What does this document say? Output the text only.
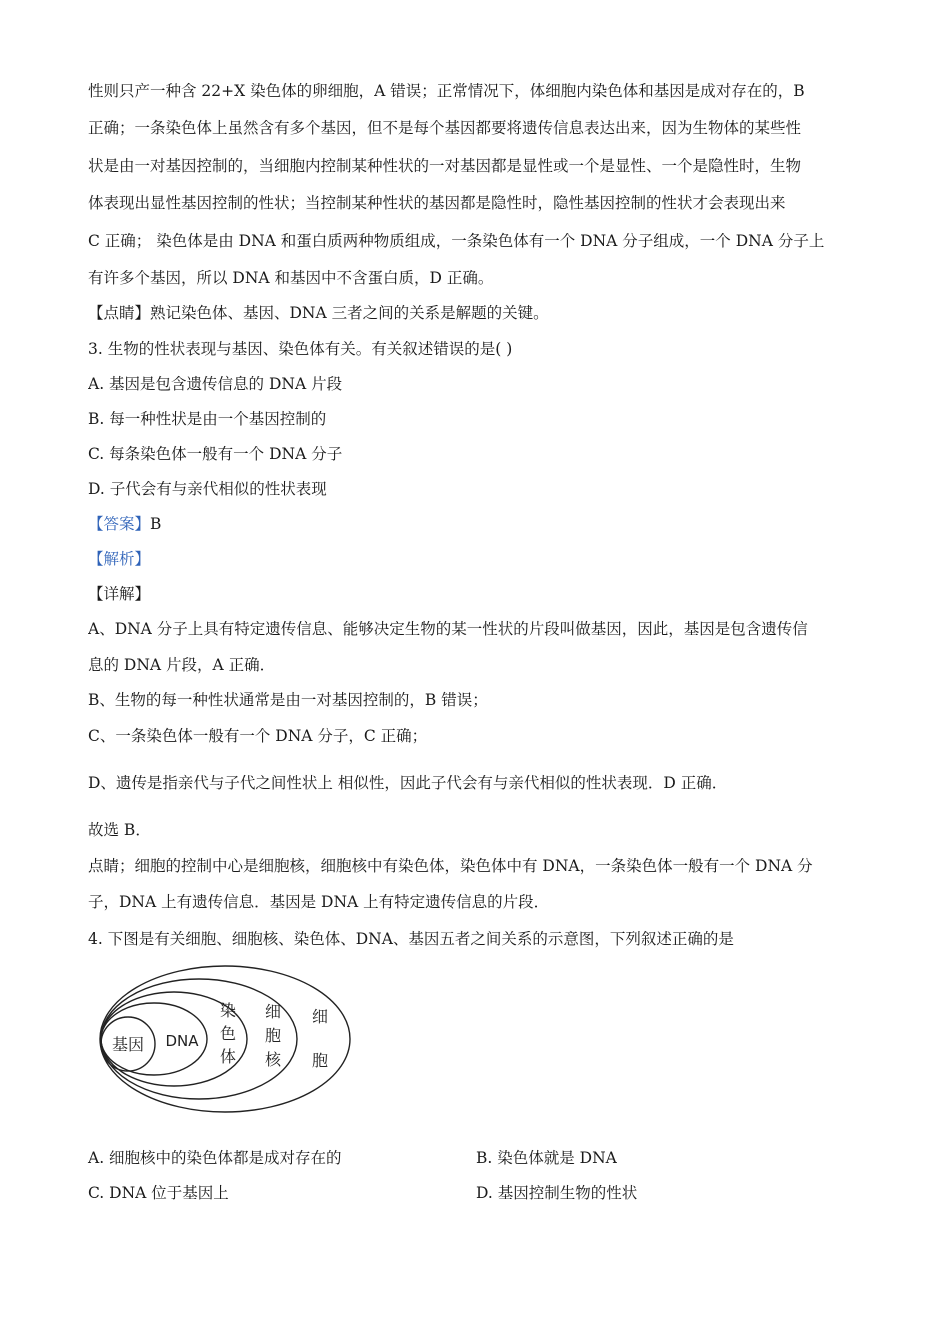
性则只产一种含 22+X 染色体的卵细胞，A 错误；正常情况下，体细胞内染色体和基因是成对存在的，B
正确；一条染色体上虽然含有多个基因，但不是每个基因都要将遗传信息表达出来，因为生物体的某些性
状是由一对基因控制的，当细胞内控制某种性状的一对基因都是显性或一个是显性、一个是隐性时，生物
体表现出显性基因控制的性状；当控制某种性状的基因都是隐性时，隐性基因控制的性状才会表现出来
C 正确； 染色体是由 DNA 和蛋白质两种物质组成，一条染色体有一个 DNA 分子组成，一个 DNA 分子上
有许多个基因，所以 DNA 和基因中不含蛋白质，D 正确。
【点睛】熟记染色体、基因、DNA 三者之间的关系是解题的关键。
3. 生物的性状表现与基因、染色体有关。有关叙述错误的是( )
A. 基因是包含遗传信息的 DNA 片段
B. 每一种性状是由一个基因控制的
C. 每条染色体一般有一个 DNA 分子
D. 子代会有与亲代相似的性状表现
【答案】B
【解析】
【详解】
A、DNA 分子上具有特定遗传信息、能够决定生物的某一性状的片段叫做基因，因此，基因是包含遗传信
息的 DNA 片段，A 正确．
B、生物的每一种性状通常是由一对基因控制的，B 错误；
C、一条染色体一般有一个 DNA 分子，C 正确；
D、遗传是指亲代与子代之间性状上 相似性，因此子代会有与亲代相似的性状表现．D 正确．
故选 B．
点睛；细胞的控制中心是细胞核，细胞核中有染色体，染色体中有 DNA，一条染色体一般有一个 DNA 分
子，DNA 上有遗传信息．基因是 DNA 上有特定遗传信息的片段．
4. 下图是有关细胞、细胞核、染色体、DNA、基因五者之间关系的示意图，下列叙述正确的是
基因 DNA
染
色
体
细
胞
核
细
胞
A. 细胞核中的染色体都是成对存在的	B. 染色体就是 DNA
C. DNA 位于基因上	D. 基因控制生物的性状
